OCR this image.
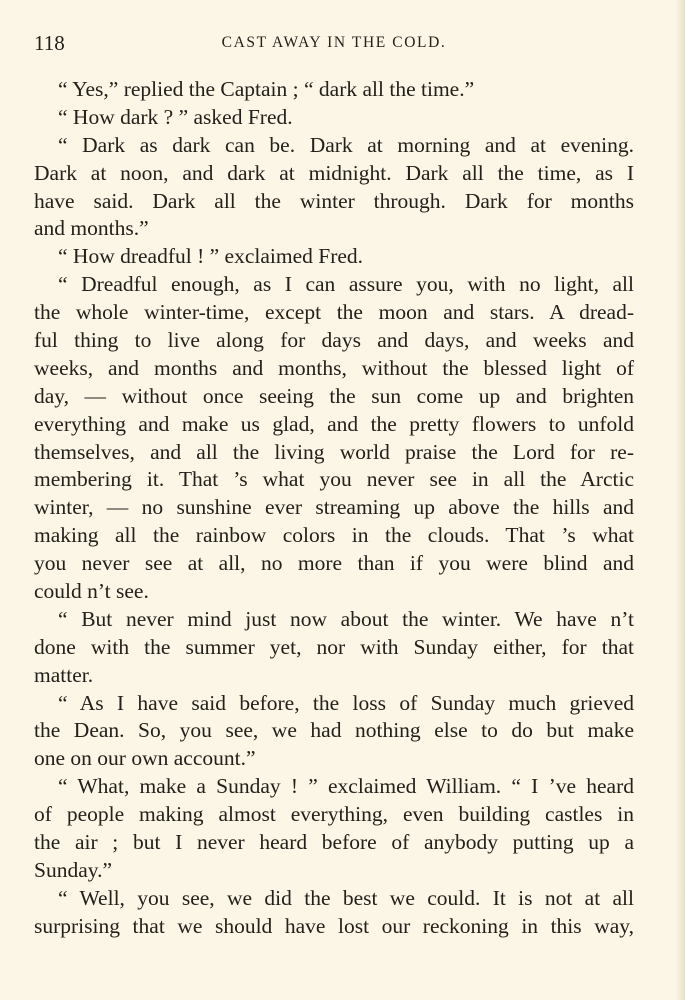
118	CAST AWAY IN THE COLD.
“ Yes,” replied the Captain ; “ dark all the time.”
“ How dark ? ” asked Fred.
“ Dark as dark can be. Dark at morning and at evening.
Dark at noon, and dark at midnight. Dark all the time, as I
have said. Dark all the winter through. Dark for months
and months.”
“ How dreadful ! ” exclaimed Fred.
“ Dreadful enough, as I can assure you, with no light, all
the whole winter-time, except the moon and stars. A dread-
ful thing to live along for days and days, and weeks and
weeks, and months and months, without the blessed light of
day, — without once seeing the sun come up and brighten
everything and make us glad, and the pretty flowers to unfold
themselves, and all the living world praise the Lord for re-
membering it. That ’s what you never see in all the Arctic
winter, — no sunshine ever streaming up above the hills and
making all the rainbow colors in the clouds. That ’s what
you never see at all, no more than if you were blind and
could n’t see.
“ But never mind just now about the winter. We have n’t
done with the summer yet, nor with Sunday either, for that
matter.
“ As I have said before, the loss of Sunday much grieved
the Dean. So, you see, we had nothing else to do but make
one on our own account.”
“ What, make a Sunday ! ” exclaimed William. “ I ’ve heard
of people making almost everything, even building castles in
the air ; but I never heard before of anybody putting up a
Sunday.”
“ Well, you see, we did the best we could. It is not at all
surprising that we should have lost our reckoning in this way,
